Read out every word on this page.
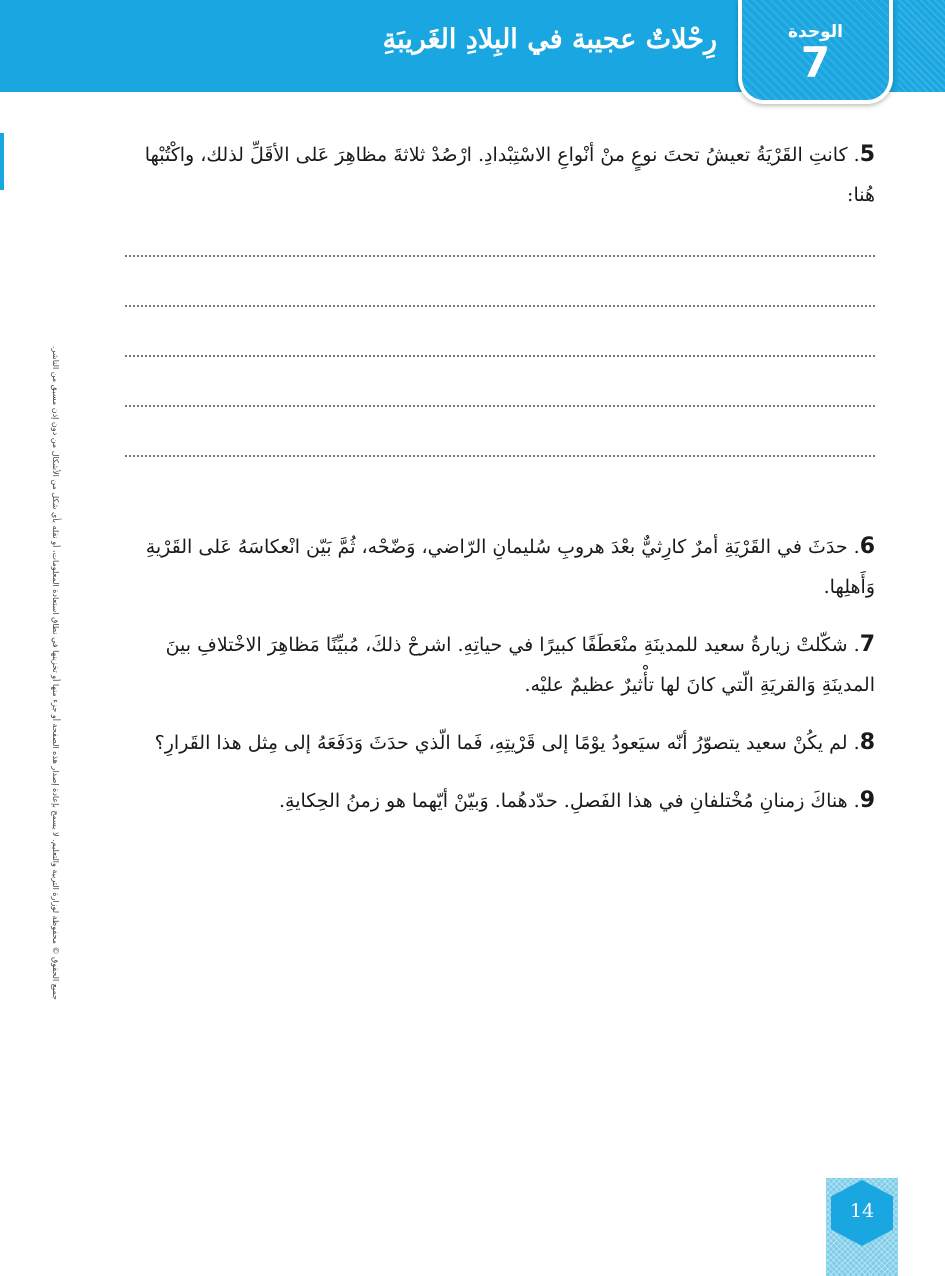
رِحْلاتٌ عجيبة في البِلادِ الغَريبَةِ	الوحدة
7
جميع الحقوق © محفوظة لوزارة التربية والتعليم. لا يسمح بإعادة إصدار هذه الصفحة أو جزء منها أو تخزينها في نطاق استعادة المعلومات، أو نقله بأي شكل من الأشكال من دون إذن مسبق من الناشر.

5. كانتِ القَرْيَةُ تعيشُ تحتَ نوعٍ منْ أنْواعِ الاسْتِبْدادِ. ارْصُدْ ثلاثةَ مظاهِرَ عَلى الأقَلِّ لذلك، واكْتُبْها هُنا:

6. حدَثَ في القَرْيَةِ أمرٌ كارِثيٌّ بعْدَ هروبِ سُليمانِ الرّاضي، وَضّحْه، ثُمَّ بَيّن انْعكاسَهُ عَلى القَرْيةِ وَأَهلِها.

7. شكّلتْ زيارةُ سعيد للمدينَةِ منْعَطَفًا كبيرًا في حياتِهِ. اشرحْ ذلكَ، مُبيِّنًا مَظاهِرَ الاخْتلافِ بينَ المدينَةِ وَالقريَةِ الّتي كانَ لها تأْثيرٌ عظيمٌ عليْه.

8. لم يكُنْ سعيد يتصوّرُ أنّه سيَعودُ يوْمًا إلى قَرْيتِهِ، فَما الّذي حدَثَ وَدَفَعَهُ إلى مِثل هذا القَرارِ؟

9. هناكَ زمنانِ مُخْتلفانِ في هذا الفَصلِ. حدّدهُما. وَبيّنْ أيّهما هو زمنُ الحِكايةِ.

14
